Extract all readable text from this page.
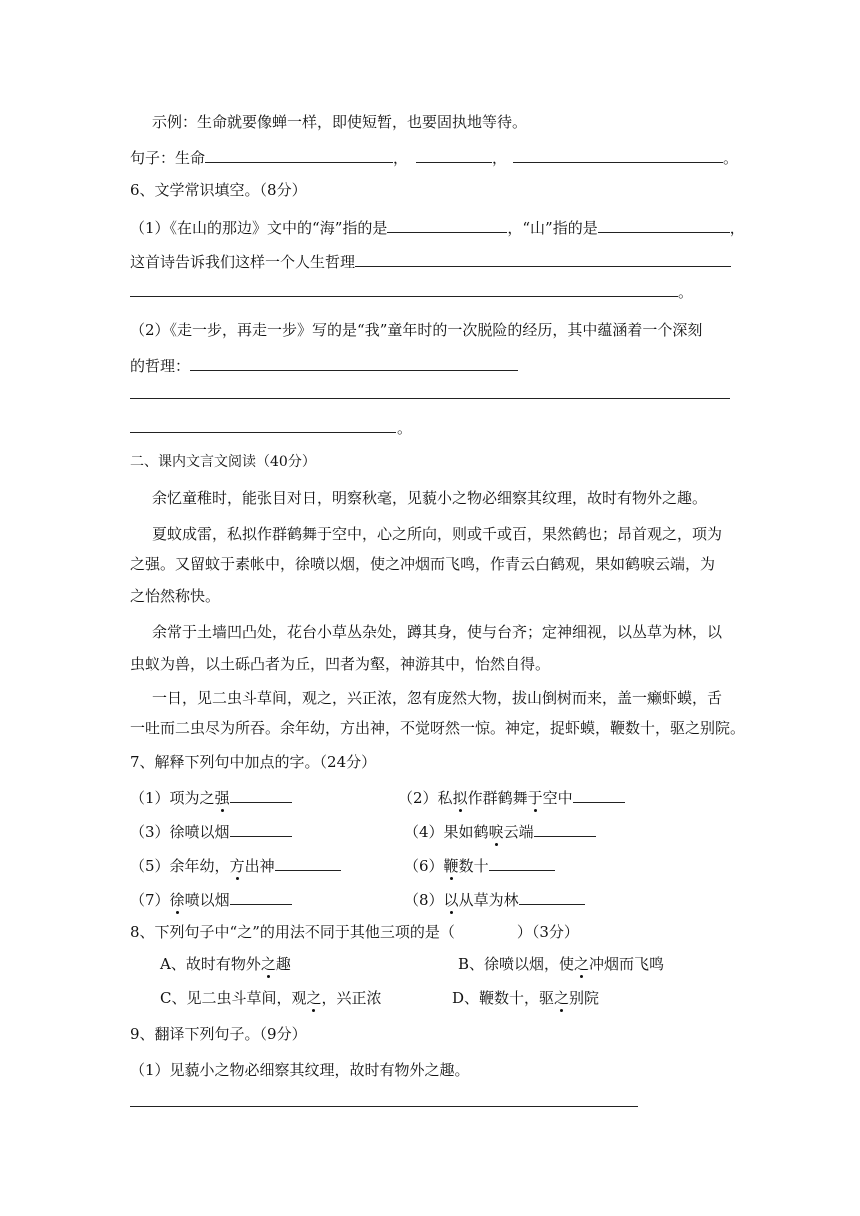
示例：生命就要像蝉一样，即使短暂，也要固执地等待。
句子：生命	，	，	。
6、文学常识填空。（8分）
（1）《在山的那边》文中的“海”指的是	，“山”指的是	，
这首诗告诉我们这样一个人生哲理
。
（2）《走一步，再走一步》写的是“我”童年时的一次脱险的经历，其中蕴涵着一个深刻
的哲理：
。
二、课内文言文阅读（40分）
余忆童稚时，能张目对日，明察秋毫，见藐小之物必细察其纹理，故时有物外之趣。
夏蚊成雷，私拟作群鹤舞于空中，心之所向，则或千或百，果然鹤也；昂首观之，项为
之强。又留蚊于素帐中，徐喷以烟，使之冲烟而飞鸣，作青云白鹤观，果如鹤唳云端，为
之怡然称快。
余常于土墙凹凸处，花台小草丛杂处，蹲其身，使与台齐；定神细视，以丛草为林，以
虫蚁为兽，以土砾凸者为丘，凹者为壑，神游其中，怡然自得。
一日，见二虫斗草间，观之，兴正浓，忽有庞然大物，拔山倒树而来，盖一癞虾蟆，舌
一吐而二虫尽为所吞。余年幼，方出神，不觉呀然一惊。神定，捉虾蟆，鞭数十，驱之别院。
7、解释下列句中加点的字。（24分）
（1）项为之强	（2）私拟作群鹤舞于空中
（3）徐喷以烟	（4）果如鹤唳云端
（5）余年幼，方出神	（6）鞭数十
（7）徐喷以烟	（8）以从草为林
8、下列句子中“之”的用法不同于其他三项的是（	）（3分）
A、故时有物外之趣	B、徐喷以烟，使之冲烟而飞鸣
C、见二虫斗草间，观之，兴正浓	D、鞭数十，驱之别院
9、翻译下列句子。（9分）
（1）见藐小之物必细察其纹理，故时有物外之趣。
